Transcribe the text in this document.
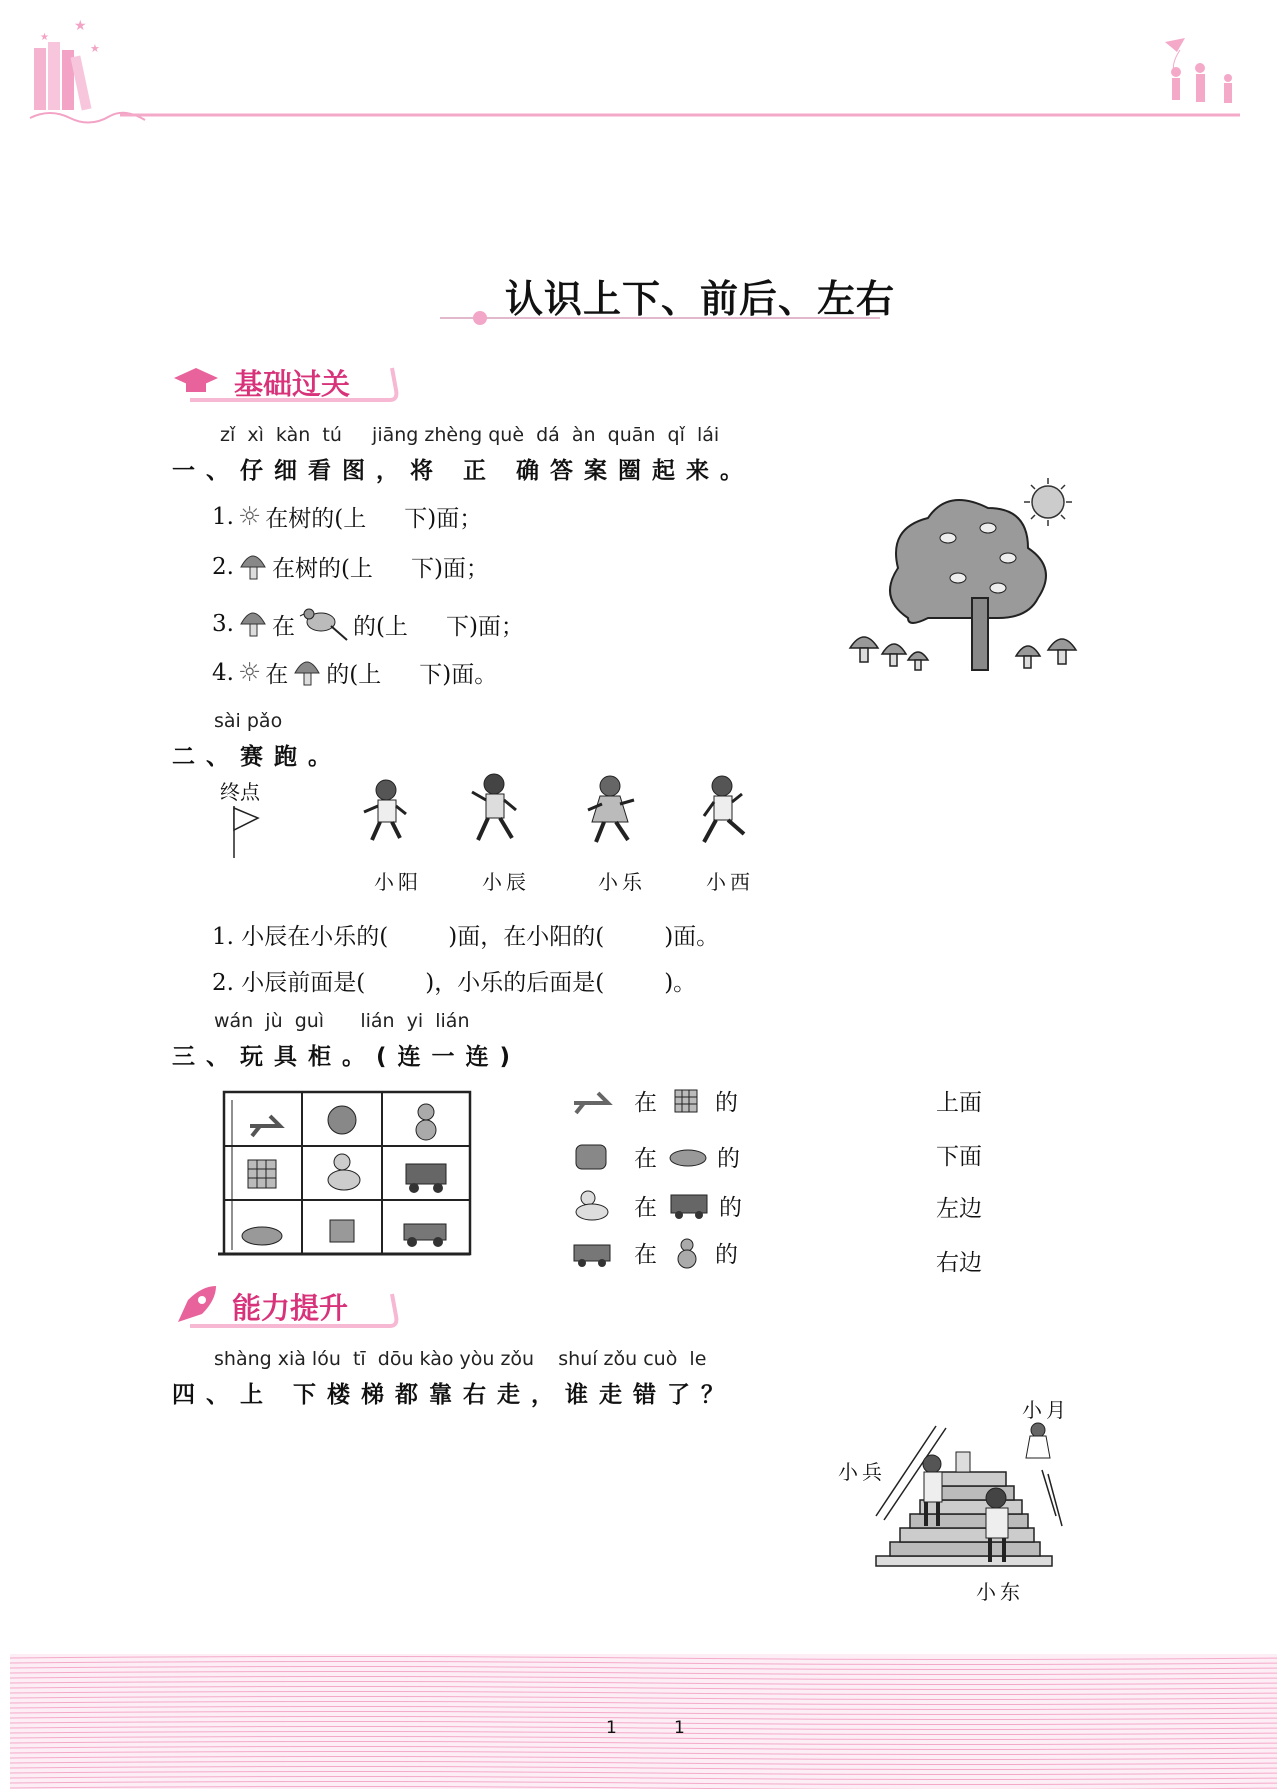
★
★
★
认识上下、前后、左右
基础过关
zǐ  xì  kàn  tú     jiāng zhèng què  dá  àn  quān  qǐ  lái
一、仔细看图，将 正 确答案圈起来。
1. ☼ 在树的(上 下)面；
2. 在树的(上 下)面；
3. 在	的(上 下)面；
4. ☼ 在 的(上 下)面。
sài pǎo
二、赛跑。
终点
小阳	小辰	小乐	小西
1. 小辰在小乐的(	)面，在小阳的(	)面。
2. 小辰前面是(	)，小乐的后面是(	)。
wán  jù  guì      lián  yi  lián
三、玩具柜。(连一连)
在	的
在	的
在	的
在	的
上面
下面
左边
右边
能力提升
shàng xià lóu  tī  dōu kào yòu zǒu    shuí zǒu cuò  le
四、上 下楼梯都靠右走，谁走错了？
小月
小兵
小东
1	1
